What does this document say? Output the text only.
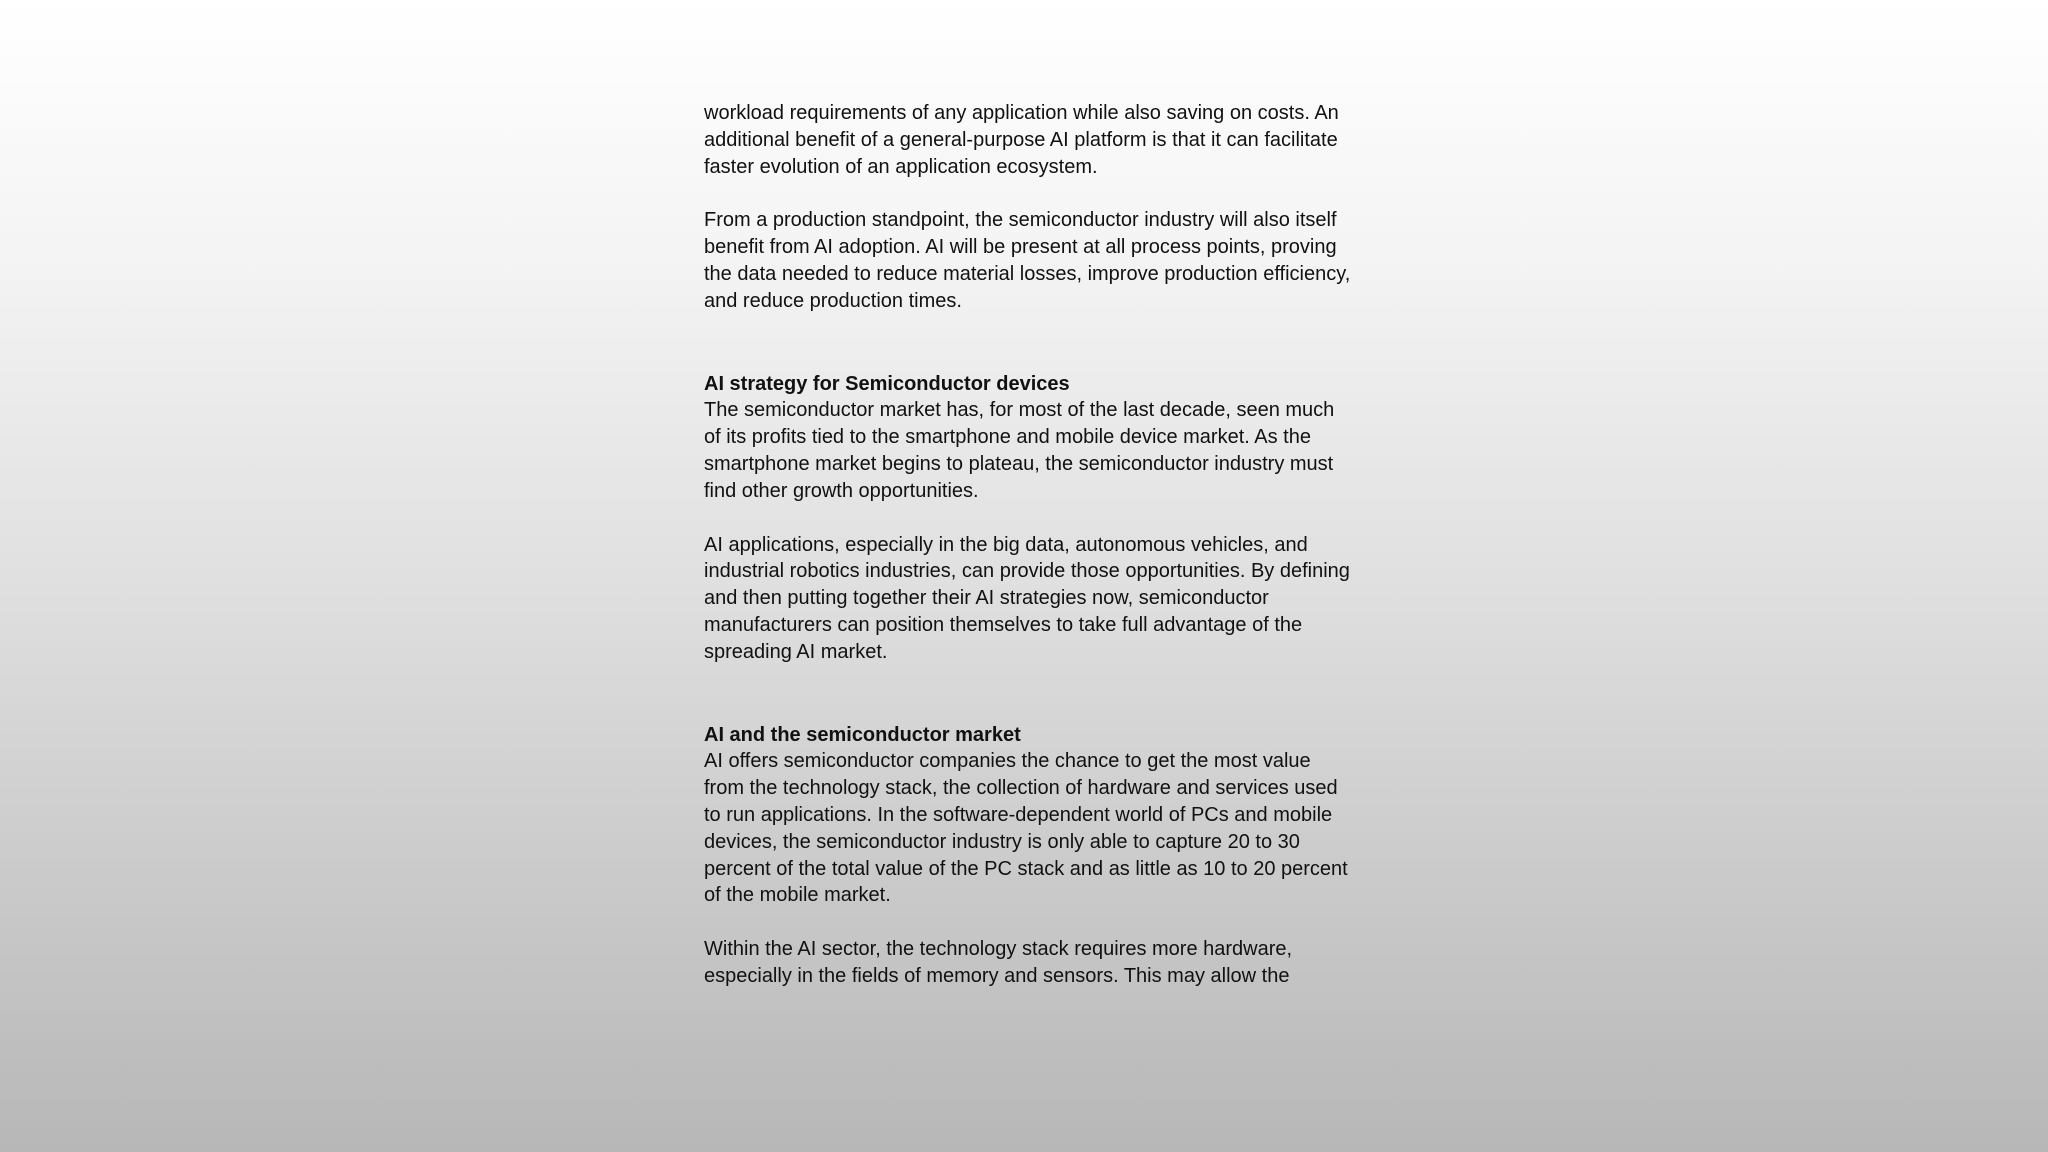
workload requirements of any application while also saving on costs. An additional benefit of a general-purpose AI platform is that it can facilitate faster evolution of an application ecosystem.

From a production standpoint, the semiconductor industry will also itself benefit from AI adoption. AI will be present at all process points, proving the data needed to reduce material losses, improve production efficiency, and reduce production times.

AI strategy for Semiconductor devices

The semiconductor market has, for most of the last decade, seen much of its profits tied to the smartphone and mobile device market. As the smartphone market begins to plateau, the semiconductor industry must find other growth opportunities.

AI applications, especially in the big data, autonomous vehicles, and industrial robotics industries, can provide those opportunities. By defining and then putting together their AI strategies now, semiconductor manufacturers can position themselves to take full advantage of the spreading AI market.

AI and the semiconductor market

AI offers semiconductor companies the chance to get the most value from the technology stack, the collection of hardware and services used to run applications. In the software-dependent world of PCs and mobile devices, the semiconductor industry is only able to capture 20 to 30 percent of the total value of the PC stack and as little as 10 to 20 percent of the mobile market.

Within the AI sector, the technology stack requires more hardware, especially in the fields of memory and sensors. This may allow the
